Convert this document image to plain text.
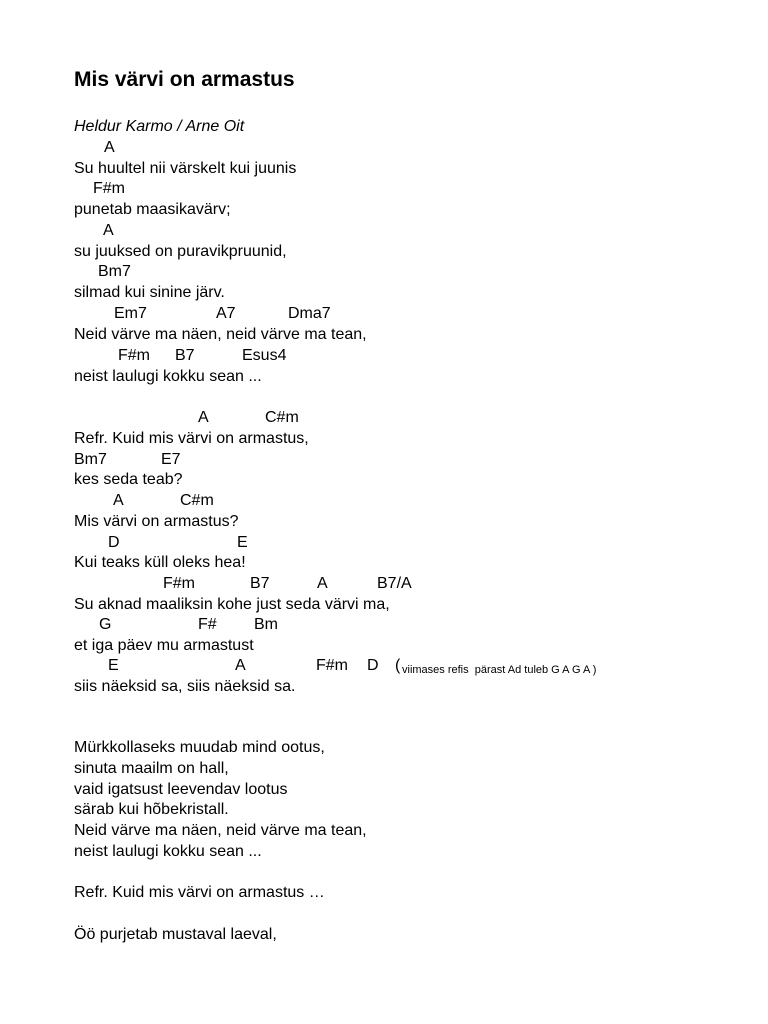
Mis värvi on armastus
Heldur Karmo / Arne Oit

A

Su huultel nii värskelt kui juunis

F#m

punetab maasikavärv;

A

su juuksed on puravikpruunid,

Bm7

silmad kui sinine järv.

Em7

	A7

	Dma7

Neid värve ma näen, neid värve ma tean,

F#m

B7

	Esus4

neist laulugi kokku sean ...

A

	C#m

Refr. Kuid mis värvi on armastus,

Bm7

	E7

kes seda teab?

A

	C#m

Mis värvi on armastus?

D

	E

Kui teaks küll oleks hea!

F#m

	B7

	A

	B7/A

Su aknad maaliksin kohe just seda värvi ma,

G

	F#

Bm

et iga päev mu armastust

E

	A

	F#m

D

(

viimases refis  pärast Ad tuleb G A G A )

siis näeksid sa, siis näeksid sa.
Mürkkollaseks muudab mind ootus,
sinuta maailm on hall,
vaid igatsust leevendav lootus
särab kui hõbekristall.
Neid värve ma näen, neid värve ma tean,
neist laulugi kokku sean ...
Refr. Kuid mis värvi on armastus …
Öö purjetab mustaval laeval,
